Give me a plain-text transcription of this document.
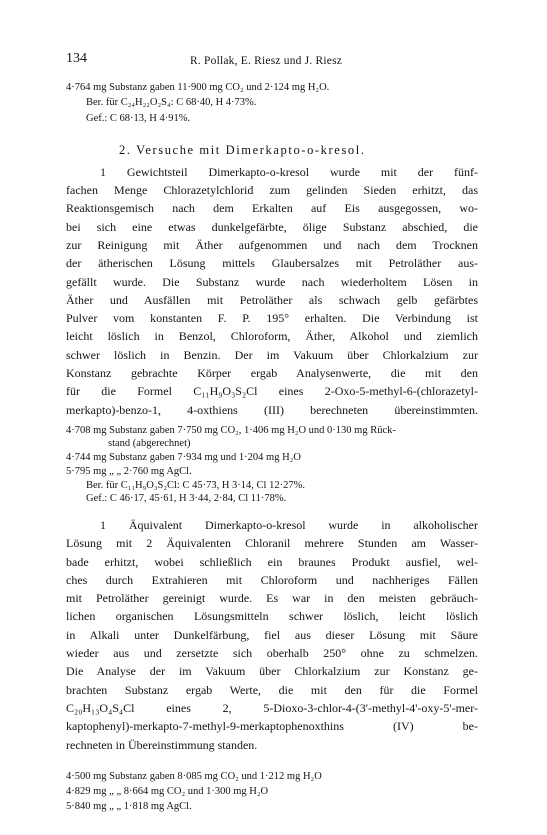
134	R. Pollak, E. Riesz und J. Riesz
4·764 mg Substanz gaben 11·900 mg CO₂ und 2·124 mg H₂O.
Ber. für C₂₄H₂₂O₂S₄: C 68·40, H 4·73%.
Gef.: C 68·13, H 4·91%.
2. Versuche mit Dimerkapto-o-kresol.
1 Gewichtsteil Dimerkapto-o-kresol wurde mit der fünf-
fachen Menge Chlorazetylchlorid zum gelinden Sieden erhitzt, das
Reaktionsgemisch nach dem Erkalten auf Eis ausgegossen, wo-
bei sich eine etwas dunkelgefärbte, ölige Substanz abschied, die
zur Reinigung mit Äther aufgenommen und nach dem Trocknen
der ätherischen Lösung mittels Glaubersalzes mit Petroläther aus-
gefällt wurde. Die Substanz wurde nach wiederholtem Lösen in
Äther und Ausfällen mit Petroläther als schwach gelb gefärbtes
Pulver vom konstanten F. P. 195° erhalten. Die Verbindung ist
leicht löslich in Benzol, Chloroform, Äther, Alkohol und ziemlich
schwer löslich in Benzin. Der im Vakuum über Chlorkalzium zur
Konstanz gebrachte Körper ergab Analysenwerte, die mit den
für die Formel C₁₁H₉O₃S₂Cl eines 2-Oxo-5-methyl-6-(chlorazetyl-
merkapto)-benzo-1, 4-oxthiens (III) berechneten übereinstimmten.
4·708 mg Substanz gaben 7·750 mg CO₂, 1·406 mg H₂O und 0·130 mg Rück-
stand (abgerechnet)
4·744 mg Substanz gaben 7·934 mg und 1·204 mg H₂O
5·795 mg „ „ 2·760 mg AgCl.
Ber. für C₁₁H₉O₃S₂Cl: C 45·73, H 3·14, Cl 12·27%.
Gef.: C 46·17, 45·61, H 3·44, 2·84, Cl 11·78%.
1 Äquivalent Dimerkapto-o-kresol wurde in alkoholischer
Lösung mit 2 Äquivalenten Chloranil mehrere Stunden am Wasser-
bade erhitzt, wobei schließlich ein braunes Produkt ausfiel, wel-
ches durch Extrahieren mit Chloroform und nachheriges Fällen
mit Petroläther gereinigt wurde. Es war in den meisten gebräuch-
lichen organischen Lösungsmitteln schwer löslich, leicht löslich
in Alkali unter Dunkelfärbung, fiel aus dieser Lösung mit Säure
wieder aus und zersetzte sich oberhalb 250° ohne zu schmelzen.
Die Analyse der im Vakuum über Chlorkalzium zur Konstanz ge-
brachten Substanz ergab Werte, die mit den für die Formel
C₂₀H₁₃O₄S₄Cl eines 2, 5-Dioxo-3-chlor-4-(3'-methyl-4'-oxy-5'-mer-
kaptophenyl)-merkapto-7-methyl-9-merkaptophenoxthins (IV) be-
rechneten in Übereinstimmung standen.
4·500 mg Substanz gaben 8·085 mg CO₂ und 1·212 mg H₂O
4·829 mg „ „ 8·664 mg CO₂ und 1·300 mg H₂O
5·840 mg „ „ 1·818 mg AgCl.
